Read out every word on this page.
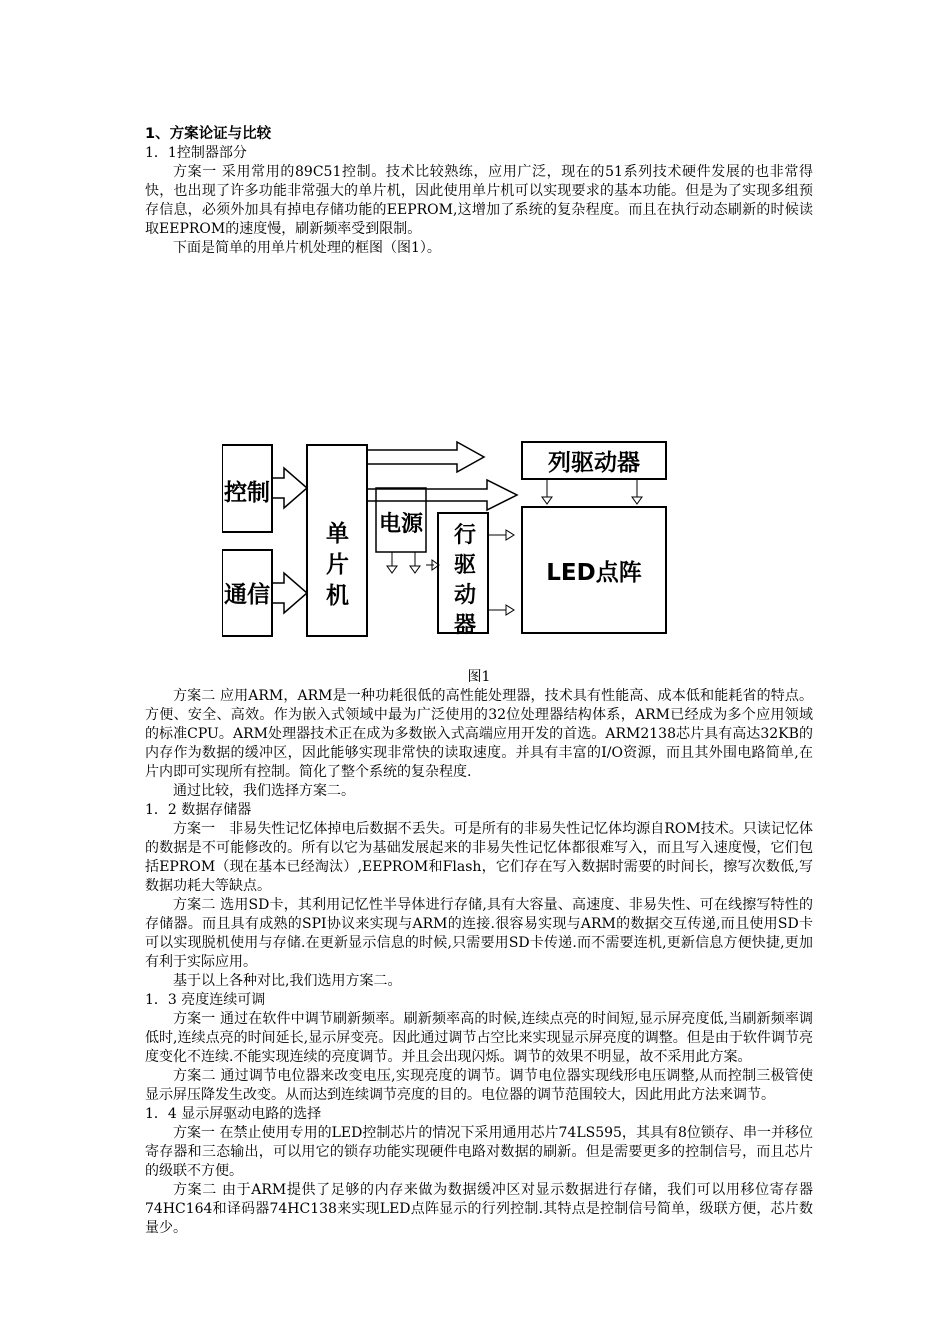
1、方案论证与比较

1．1控制器部分

方案一 采用常用的89C51控制。技术比较熟练，应用广泛，现在的51系列技术硬件发展的也非常得快，也出现了许多功能非常强大的单片机，因此使用单片机可以实现要求的基本功能。但是为了实现多组预存信息，必须外加具有掉电存储功能的EEPROM,这增加了系统的复杂程度。而且在执行动态刷新的时候读取EEPROM的速度慢，刷新频率受到限制。

下面是简单的用单片机处理的框图（图1）。

控制
通信
单片机
电源 行驱动器
列驱动器
LED点阵

图1

方案二 应用ARM，ARM是一种功耗很低的高性能处理器，技术具有性能高、成本低和能耗省的特点。方便、安全、高效。作为嵌入式领域中最为广泛使用的32位处理器结构体系，ARM已经成为多个应用领域的标准CPU。ARM处理器技术正在成为多数嵌入式高端应用开发的首选。ARM2138芯片具有高达32KB的内存作为数据的缓冲区，因此能够实现非常快的读取速度。并具有丰富的I/O资源，而且其外围电路简单,在片内即可实现所有控制。简化了整个系统的复杂程度.

通过比较，我们选择方案二。

1．2 数据存储器

方案一　非易失性记忆体掉电后数据不丢失。可是所有的非易失性记忆体均源自ROM技术。只读记忆体的数据是不可能修改的。所有以它为基础发展起来的非易失性记忆体都很难写入，而且写入速度慢，它们包括EPROM（现在基本已经淘汰）,EEPROM和Flash，它们存在写入数据时需要的时间长，擦写次数低,写数据功耗大等缺点。

方案二 选用SD卡，其利用记忆性半导体进行存储,具有大容量、高速度、非易失性、可在线擦写特性的存储器。而且具有成熟的SPI协议来实现与ARM的连接.很容易实现与ARM的数据交互传递,而且使用SD卡可以实现脱机使用与存储.在更新显示信息的时候,只需要用SD卡传递.而不需要连机,更新信息方便快捷,更加有利于实际应用。

基于以上各种对比,我们选用方案二。

1．3 亮度连续可调

方案一 通过在软件中调节刷新频率。刷新频率高的时候,连续点亮的时间短,显示屏亮度低,当刷新频率调低时,连续点亮的时间延长,显示屏变亮。因此通过调节占空比来实现显示屏亮度的调整。但是由于软件调节亮度变化不连续.不能实现连续的亮度调节。并且会出现闪烁。调节的效果不明显，故不采用此方案。

方案二 通过调节电位器来改变电压,实现亮度的调节。调节电位器实现线形电压调整,从而控制三极管使显示屏压降发生改变。从而达到连续调节亮度的目的。电位器的调节范围较大，因此用此方法来调节。

1．4 显示屏驱动电路的选择

方案一 在禁止使用专用的LED控制芯片的情况下采用通用芯片74LS595，其具有8位锁存、串一并移位寄存器和三态输出，可以用它的锁存功能实现硬件电路对数据的刷新。但是需要更多的控制信号，而且芯片的级联不方便。

方案二 由于ARM提供了足够的内存来做为数据缓冲区对显示数据进行存储，我们可以用移位寄存器74HC164和译码器74HC138来实现LED点阵显示的行列控制.其特点是控制信号简单，级联方便，芯片数量少。
